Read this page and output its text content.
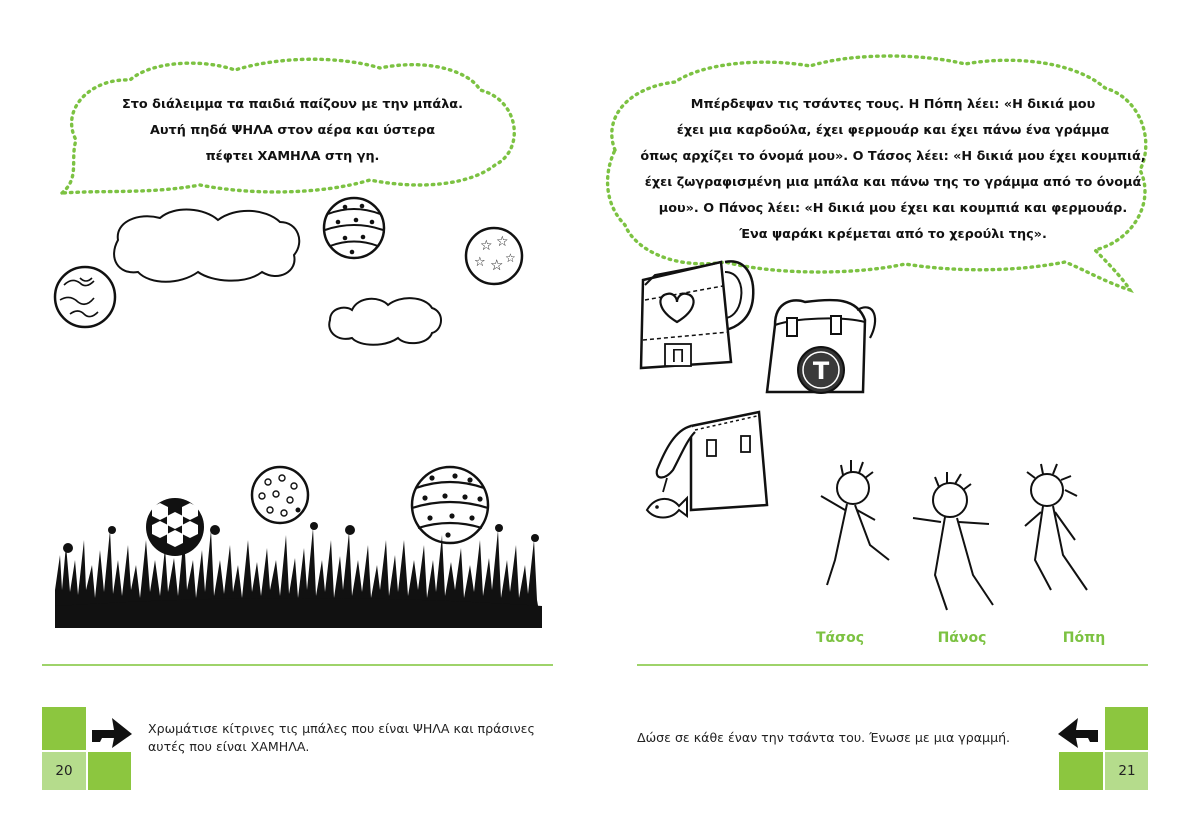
☆ ☆
☆ ☆ ☆
Στο διάλειμμα τα παιδιά παίζουν με την μπάλα.
Αυτή πηδά ΨΗΛΑ στον αέρα και ύστερα
πέφτει ΧΑΜΗΛΑ στη γη.
Χρωμάτισε κίτρινες τις μπάλες που είναι ΨΗΛΑ και πράσινες
αυτές που είναι ΧΑΜΗΛΑ.
20
Π
T
Μπέρδεψαν τις τσάντες τους. Η Πόπη λέει: «Η δικιά μου
έχει μια καρδούλα, έχει φερμουάρ και έχει πάνω ένα γράμμα
όπως αρχίζει το όνομά μου». Ο Τάσος λέει: «Η δικιά μου έχει κουμπιά,
έχει ζωγραφισμένη μια μπάλα και πάνω της το γράμμα από το όνομά
μου». Ο Πάνος λέει: «Η δικιά μου έχει και κουμπιά και φερμουάρ.
Ένα ψαράκι κρέμεται από το χερούλι της».
Τάσος	Πάνος	Πόπη
Δώσε σε κάθε έναν την τσάντα του. Ένωσε με μια γραμμή.
21
